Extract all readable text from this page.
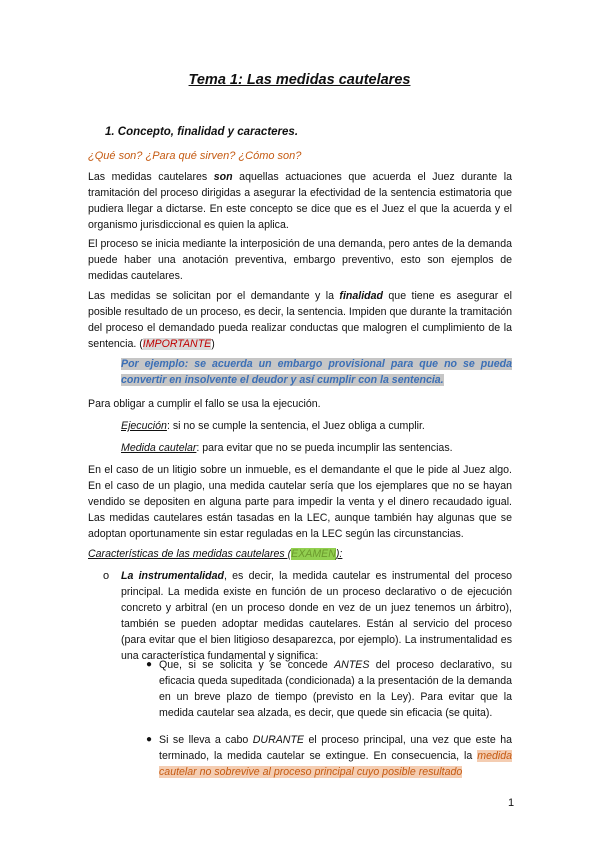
Tema 1: Las medidas cautelares
1. Concepto, finalidad y caracteres.
¿Qué son? ¿Para qué sirven? ¿Cómo son?
Las medidas cautelares son aquellas actuaciones que acuerda el Juez durante la tramitación del proceso dirigidas a asegurar la efectividad de la sentencia estimatoria que pudiera llegar a dictarse. En este concepto se dice que es el Juez el que la acuerda y el organismo jurisdiccional es quien la aplica.
El proceso se inicia mediante la interposición de una demanda, pero antes de la demanda puede haber una anotación preventiva, embargo preventivo, esto son ejemplos de medidas cautelares.
Las medidas se solicitan por el demandante y la finalidad que tiene es asegurar el posible resultado de un proceso, es decir, la sentencia. Impiden que durante la tramitación del proceso el demandado pueda realizar conductas que malogren el cumplimiento de la sentencia. (IMPORTANTE)
Por ejemplo: se acuerda un embargo provisional para que no se pueda convertir en insolvente el deudor y así cumplir con la sentencia.
Para obligar a cumplir el fallo se usa la ejecución.
Ejecución: si no se cumple la sentencia, el Juez obliga a cumplir.
Medida cautelar: para evitar que no se pueda incumplir las sentencias.
En el caso de un litigio sobre un inmueble, es el demandante el que le pide al Juez algo. En el caso de un plagio, una medida cautelar sería que los ejemplares que no se hayan vendido se depositen en alguna parte para impedir la venta y el dinero recaudado igual. Las medidas cautelares están tasadas en la LEC, aunque también hay algunas que se adoptan oportunamente sin estar reguladas en la LEC según las circunstancias.
Características de las medidas cautelares (EXAMEN):
o La instrumentalidad, es decir, la medida cautelar es instrumental del proceso principal. La medida existe en función de un proceso declarativo o de ejecución concreto y arbitral (en un proceso donde en vez de un juez tenemos un árbitro), también se pueden adoptar medidas cautelares. Están al servicio del proceso (para evitar que el bien litigioso desaparezca, por ejemplo). La instrumentalidad es una característica fundamental y significa:
● Que, si se solicita y se concede ANTES del proceso declarativo, su eficacia queda supeditada (condicionada) a la presentación de la demanda en un breve plazo de tiempo (previsto en la Ley). Para evitar que la medida cautelar sea alzada, es decir, que quede sin eficacia (se quita).
● Si se lleva a cabo DURANTE el proceso principal, una vez que este ha terminado, la medida cautelar se extingue. En consecuencia, la medida cautelar no sobrevive al proceso principal cuyo posible resultado
1
